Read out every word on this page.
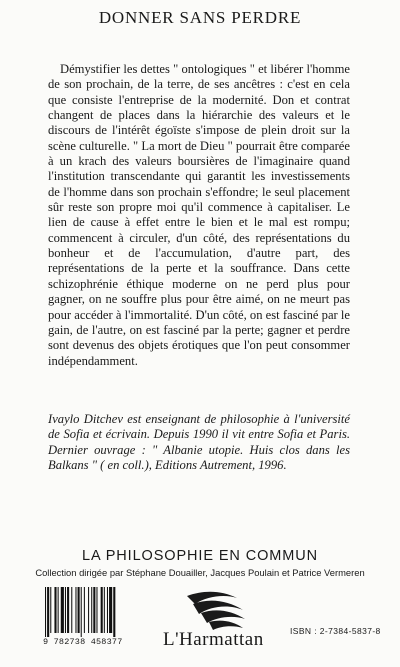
DONNER SANS PERDRE

Démystifier les dettes " ontologiques " et libérer l'homme de son prochain, de la terre, de ses ancêtres : c'est en cela que consiste l'entreprise de la modernité. Don et contrat changent de places dans la hiérarchie des valeurs et le discours de l'intérêt égoïste s'impose de plein droit sur la scène culturelle. " La mort de Dieu " pourrait être comparée à un krach des valeurs boursières de l'imaginaire quand l'institution transcendante qui garantit les investissements de l'homme dans son prochain s'effondre; le seul placement sûr reste son propre moi qu'il commence à capitaliser. Le lien de cause à effet entre le bien et le mal est rompu; commencent à circuler, d'un côté, des représentations du bonheur et de l'accumulation, d'autre part, des représentations de la perte et la souffrance. Dans cette schizophrénie éthique moderne on ne perd plus pour gagner, on ne souffre plus pour être aimé, on ne meurt pas pour accéder à l'immortalité. D'un côté, on est fasciné par le gain, de l'autre, on est fasciné par la perte; gagner et perdre sont devenus des objets érotiques que l'on peut consommer indépendamment.

Ivaylo Ditchev est enseignant de philosophie à l'université de Sofia et écrivain. Depuis 1990 il vit entre Sofia et Paris. Dernier ouvrage : " Albanie utopie. Huis clos dans les Balkans " ( en coll.), Editions Autrement, 1996.
LA PHILOSOPHIE EN COMMUN
Collection dirigée par Stéphane Douailler, Jacques Poulain et Patrice Vermeren
9 782738 458377	L'Harmattan	ISBN : 2-7384-5837-8
